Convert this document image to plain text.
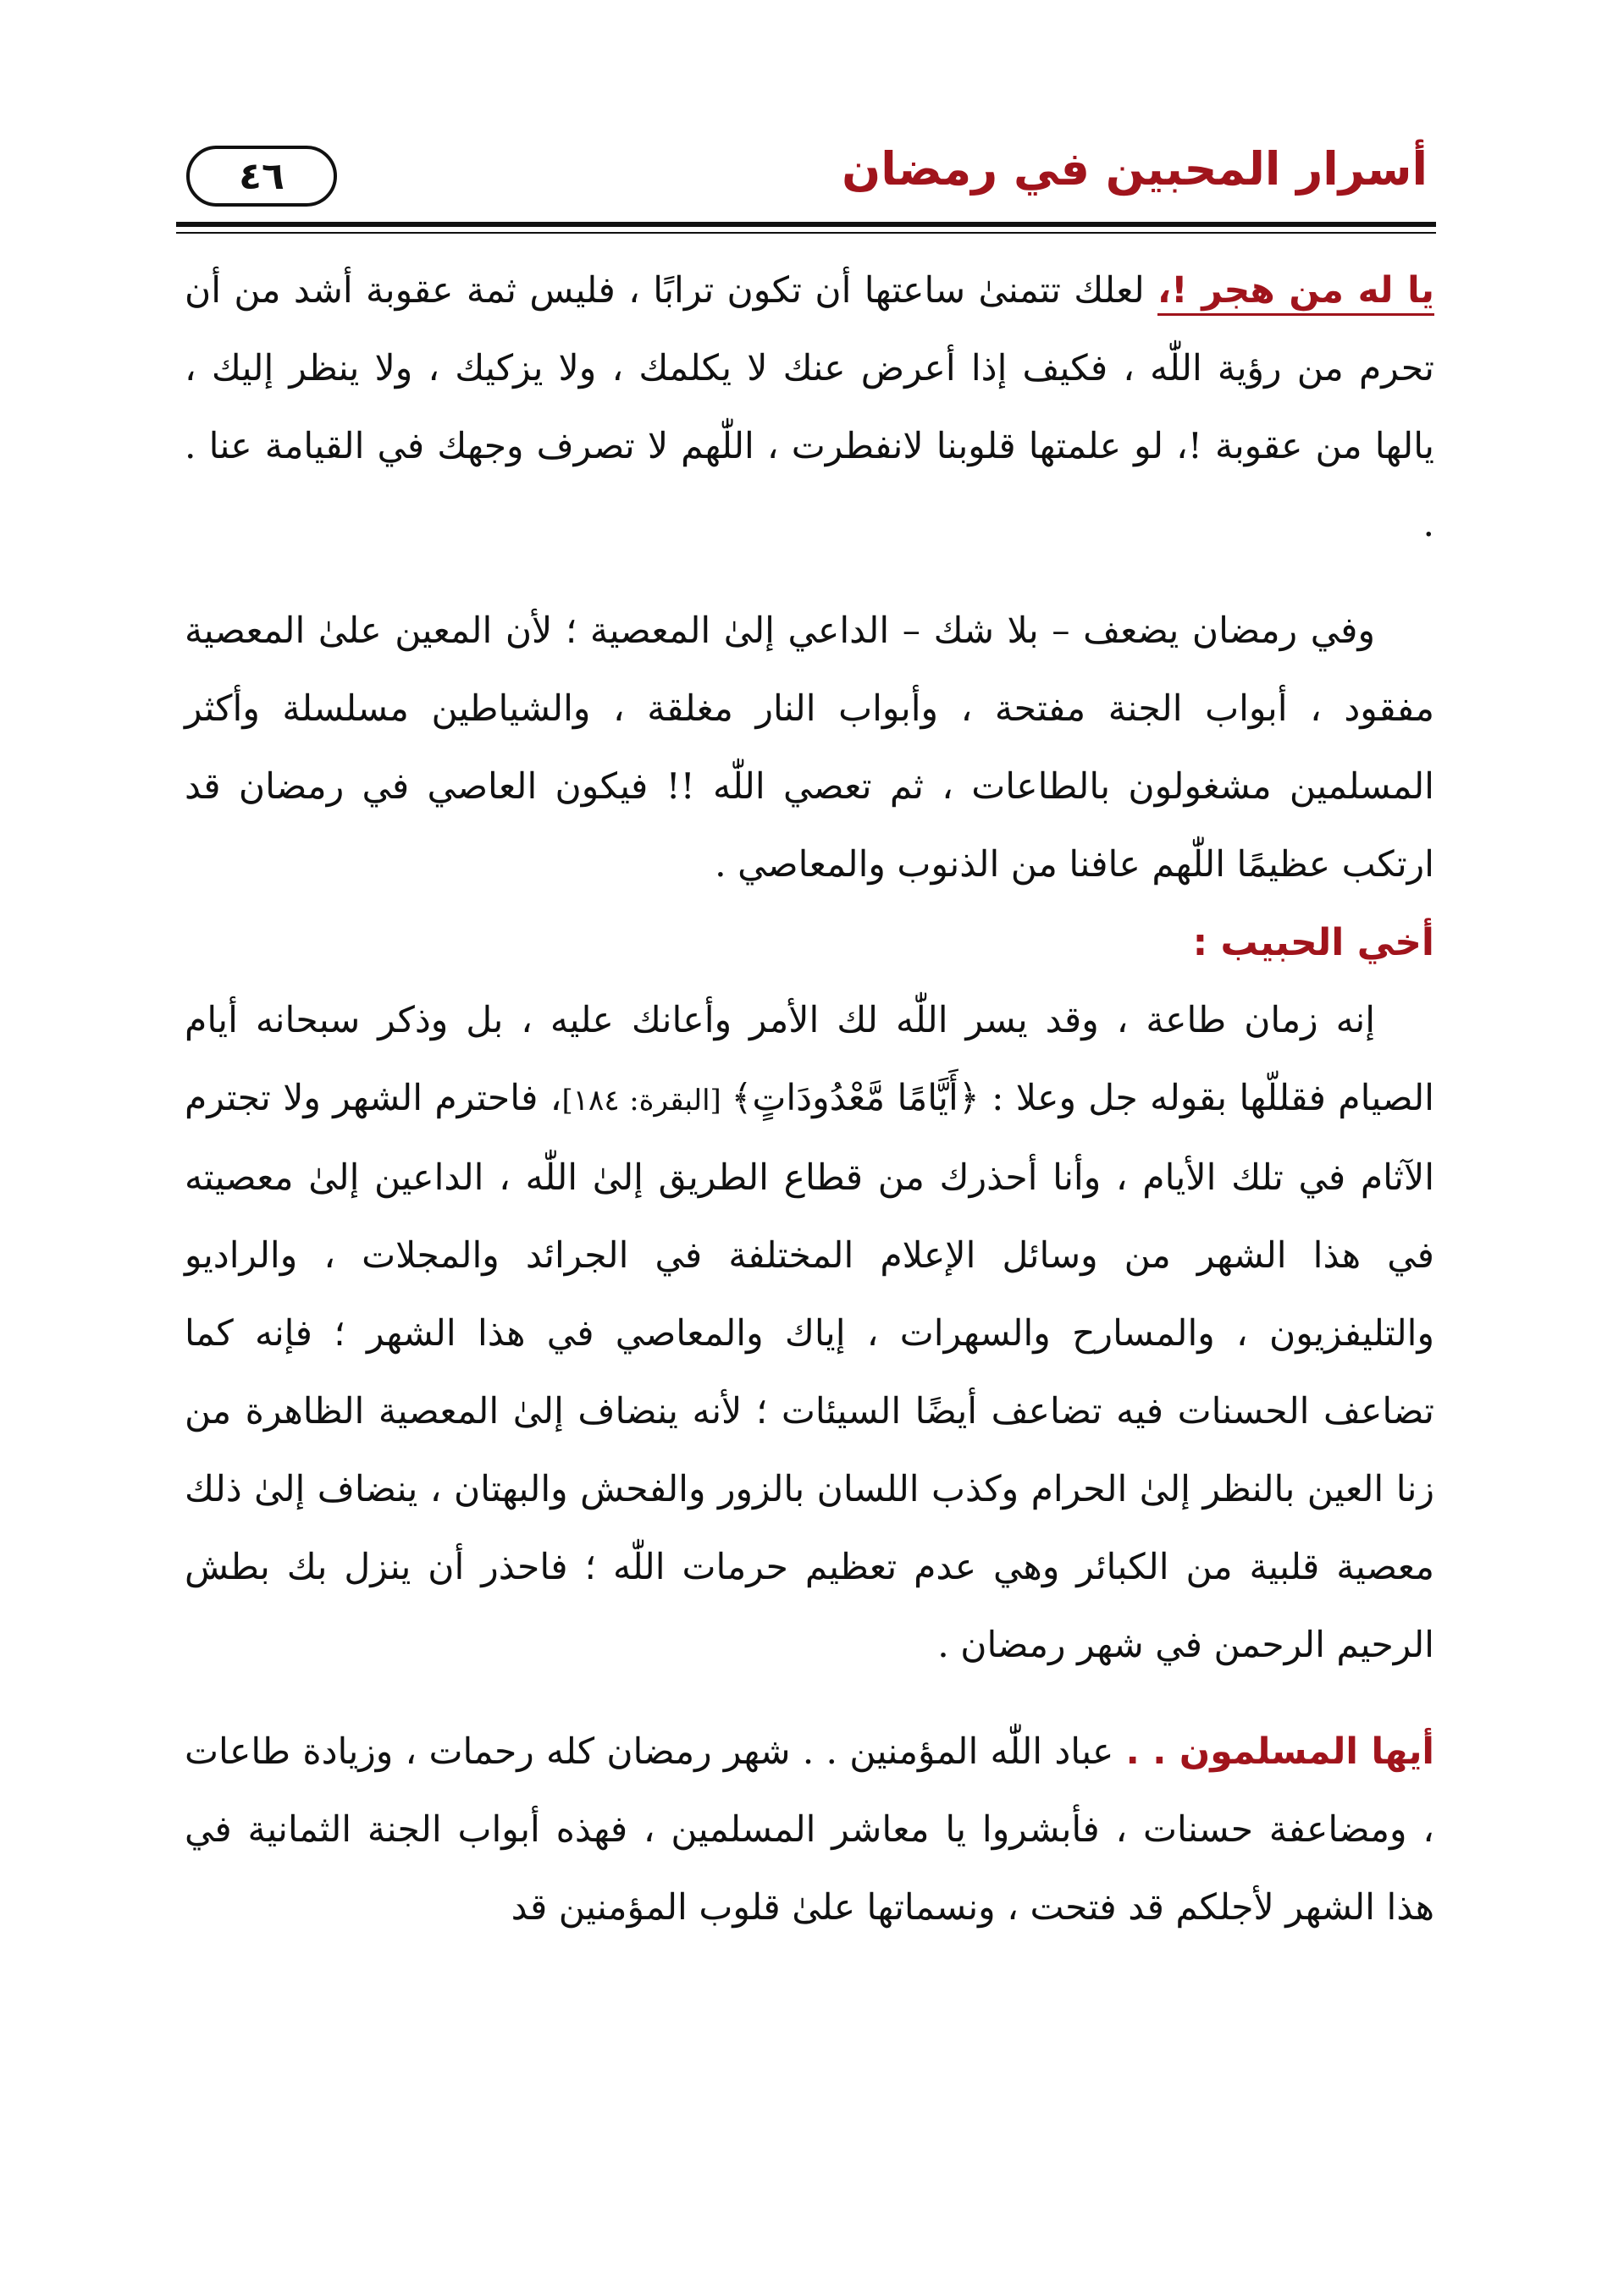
أسرار المحبين في رمضان
٤٦

يا له من هجر !، لعلك تتمنىٰ ساعتها أن تكون ترابًا ، فليس ثمة عقوبة أشد من أن تحرم من رؤية اللّٰه ، فكيف إذا أعرض عنك لا يكلمك ، ولا يزكيك ، ولا ينظر إليك ، يالها من عقوبة !، لو علمتها قلوبنا لانفطرت ، اللّٰهم لا تصرف وجهك في القيامة عنا . .

وفي رمضان يضعف – بلا شك – الداعي إلىٰ المعصية ؛ لأن المعين علىٰ المعصية مفقود ، أبواب الجنة مفتحة ، وأبواب النار مغلقة ، والشياطين مسلسلة وأكثر المسلمين مشغولون بالطاعات ، ثم تعصي اللّٰه !! فيكون العاصي في رمضان قد ارتكب عظيمًا اللّٰهم عافنا من الذنوب والمعاصي .

أخي الحبيب :

إنه زمان طاعة ، وقد يسر اللّٰه لك الأمر وأعانك عليه ، بل وذكر سبحانه أيام الصيام فقللّها بقوله جل وعلا : ﴿أَيَّامًا مَّعْدُودَاتٍ﴾ [البقرة: ١٨٤]، فاحترم الشهر ولا تجترم الآثام في تلك الأيام ، وأنا أحذرك من قطاع الطريق إلىٰ اللّٰه ، الداعين إلىٰ معصيته في هذا الشهر من وسائل الإعلام المختلفة في الجرائد والمجلات ، والراديو والتليفزيون ، والمسارح والسهرات ، إياك والمعاصي في هذا الشهر ؛ فإنه كما تضاعف الحسنات فيه تضاعف أيضًا السيئات ؛ لأنه ينضاف إلىٰ المعصية الظاهرة من زنا العين بالنظر إلىٰ الحرام وكذب اللسان بالزور والفحش والبهتان ، ينضاف إلىٰ ذلك معصية قلبية من الكبائر وهي عدم تعظيم حرمات اللّٰه ؛ فاحذر أن ينزل بك بطش الرحيم الرحمن في شهر رمضان .

أيها المسلمون . . عباد اللّٰه المؤمنين . . شهر رمضان كله رحمات ، وزيادة طاعات ، ومضاعفة حسنات ، فأبشروا يا معاشر المسلمين ، فهذه أبواب الجنة الثمانية في هذا الشهر لأجلكم قد فتحت ، ونسماتها علىٰ قلوب المؤمنين قد
